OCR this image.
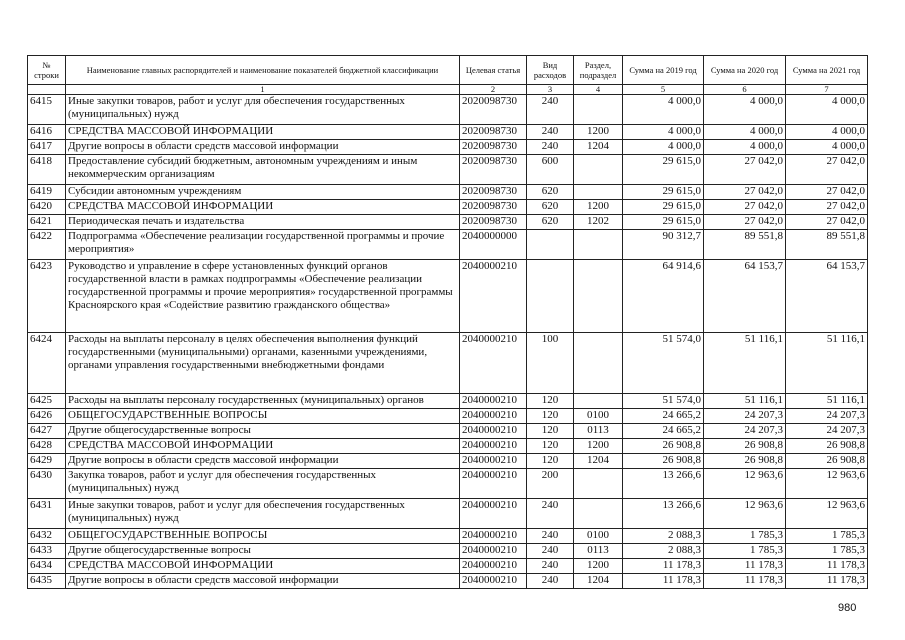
№ строки	Наименование главных распорядителей и наименование показателей бюджетной классификации	Целевая статья	Вид расходов	Раздел, подраздел	Сумма на 2019 год	Сумма на 2020 год	Сумма на 2021 год
	1	2	3	4	5	6	7
6415	Иные закупки товаров, работ и услуг для обеспечения государственных (муниципальных) нужд	2020098730	240		4 000,0	4 000,0	4 000,0
6416	СРЕДСТВА МАССОВОЙ ИНФОРМАЦИИ	2020098730	240	1200	4 000,0	4 000,0	4 000,0
6417	Другие вопросы в области средств массовой информации	2020098730	240	1204	4 000,0	4 000,0	4 000,0
6418	Предоставление субсидий бюджетным, автономным учреждениям и иным некоммерческим организациям	2020098730	600		29 615,0	27 042,0	27 042,0
6419	Субсидии автономным учреждениям	2020098730	620		29 615,0	27 042,0	27 042,0
6420	СРЕДСТВА МАССОВОЙ ИНФОРМАЦИИ	2020098730	620	1200	29 615,0	27 042,0	27 042,0
6421	Периодическая печать и издательства	2020098730	620	1202	29 615,0	27 042,0	27 042,0
6422	Подпрограмма «Обеспечение реализации государственной программы и прочие мероприятия»	2040000000			90 312,7	89 551,8	89 551,8
6423	Руководство и управление в сфере установленных функций органов государственной власти в рамках подпрограммы «Обеспечение реализации государственной программы и прочие мероприятия» государственной программы Красноярского края «Содействие развитию гражданского общества»	2040000210			64 914,6	64 153,7	64 153,7
6424	Расходы на выплаты персоналу в целях обеспечения выполнения функций государственными (муниципальными) органами, казенными учреждениями, органами управления государственными внебюджетными фондами	2040000210	100		51 574,0	51 116,1	51 116,1
6425	Расходы на выплаты персоналу государственных (муниципальных) органов	2040000210	120		51 574,0	51 116,1	51 116,1
6426	ОБЩЕГОСУДАРСТВЕННЫЕ ВОПРОСЫ	2040000210	120	0100	24 665,2	24 207,3	24 207,3
6427	Другие общегосударственные вопросы	2040000210	120	0113	24 665,2	24 207,3	24 207,3
6428	СРЕДСТВА МАССОВОЙ ИНФОРМАЦИИ	2040000210	120	1200	26 908,8	26 908,8	26 908,8
6429	Другие вопросы в области средств массовой информации	2040000210	120	1204	26 908,8	26 908,8	26 908,8
6430	Закупка товаров, работ и услуг для обеспечения государственных (муниципальных) нужд	2040000210	200		13 266,6	12 963,6	12 963,6
6431	Иные закупки товаров, работ и услуг для обеспечения государственных (муниципальных) нужд	2040000210	240		13 266,6	12 963,6	12 963,6
6432	ОБЩЕГОСУДАРСТВЕННЫЕ ВОПРОСЫ	2040000210	240	0100	2 088,3	1 785,3	1 785,3
6433	Другие общегосударственные вопросы	2040000210	240	0113	2 088,3	1 785,3	1 785,3
6434	СРЕДСТВА МАССОВОЙ ИНФОРМАЦИИ	2040000210	240	1200	11 178,3	11 178,3	11 178,3
6435	Другие вопросы в области средств массовой информации	2040000210	240	1204	11 178,3	11 178,3	11 178,3
980
